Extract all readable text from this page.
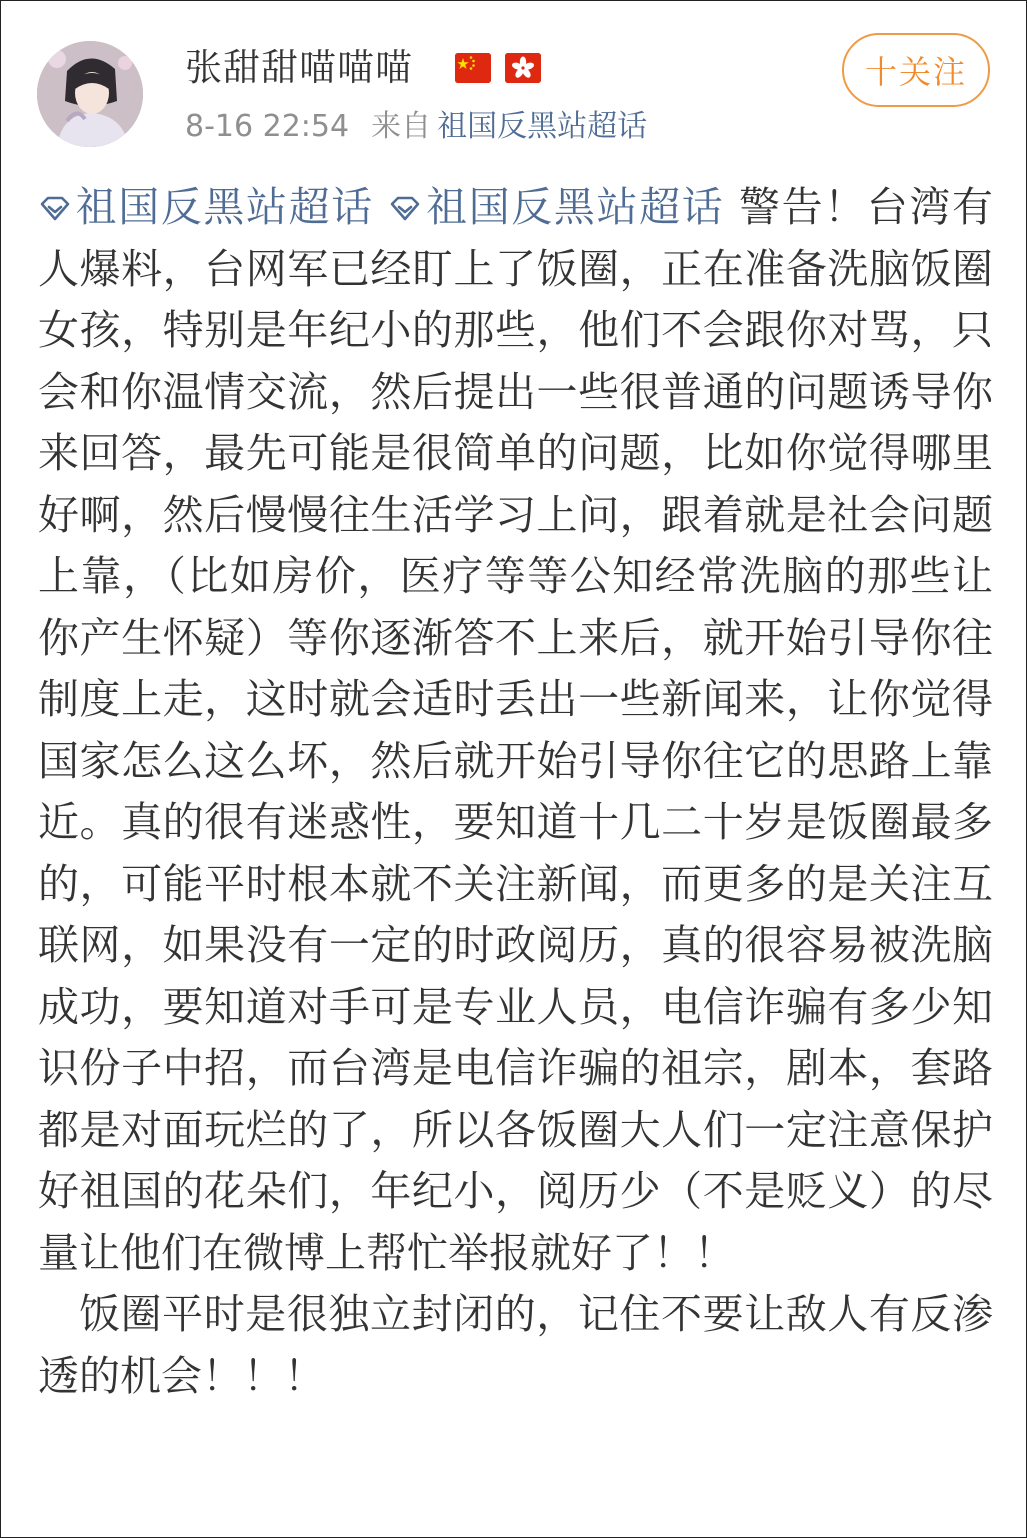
张甜甜喵喵喵
8-16 22:54 来自 祖国反黑站超话
十关注

祖国反黑站超话 祖国反黑站超话 警告！台湾有人爆料，台网军已经盯上了饭圈，正在准备洗脑饭圈女孩，特别是年纪小的那些，他们不会跟你对骂，只会和你温情交流，然后提出一些很普通的问题诱导你来回答，最先可能是很简单的问题，比如你觉得哪里好啊，然后慢慢往生活学习上问，跟着就是社会问题上靠，（比如房价，医疗等等公知经常洗脑的那些让你产生怀疑）等你逐渐答不上来后，就开始引导你往制度上走，这时就会适时丢出一些新闻来，让你觉得国家怎么这么坏，然后就开始引导你往它的思路上靠近。真的很有迷惑性，要知道十几二十岁是饭圈最多的，可能平时根本就不关注新闻，而更多的是关注互联网，如果没有一定的时政阅历，真的很容易被洗脑成功，要知道对手可是专业人员，电信诈骗有多少知识份子中招，而台湾是电信诈骗的祖宗，剧本，套路都是对面玩烂的了，所以各饭圈大人们一定注意保护好祖国的花朵们，年纪小，阅历少（不是贬义）的尽量让他们在微博上帮忙举报就好了！！

饭圈平时是很独立封闭的，记住不要让敌人有反渗透的机会！！！
